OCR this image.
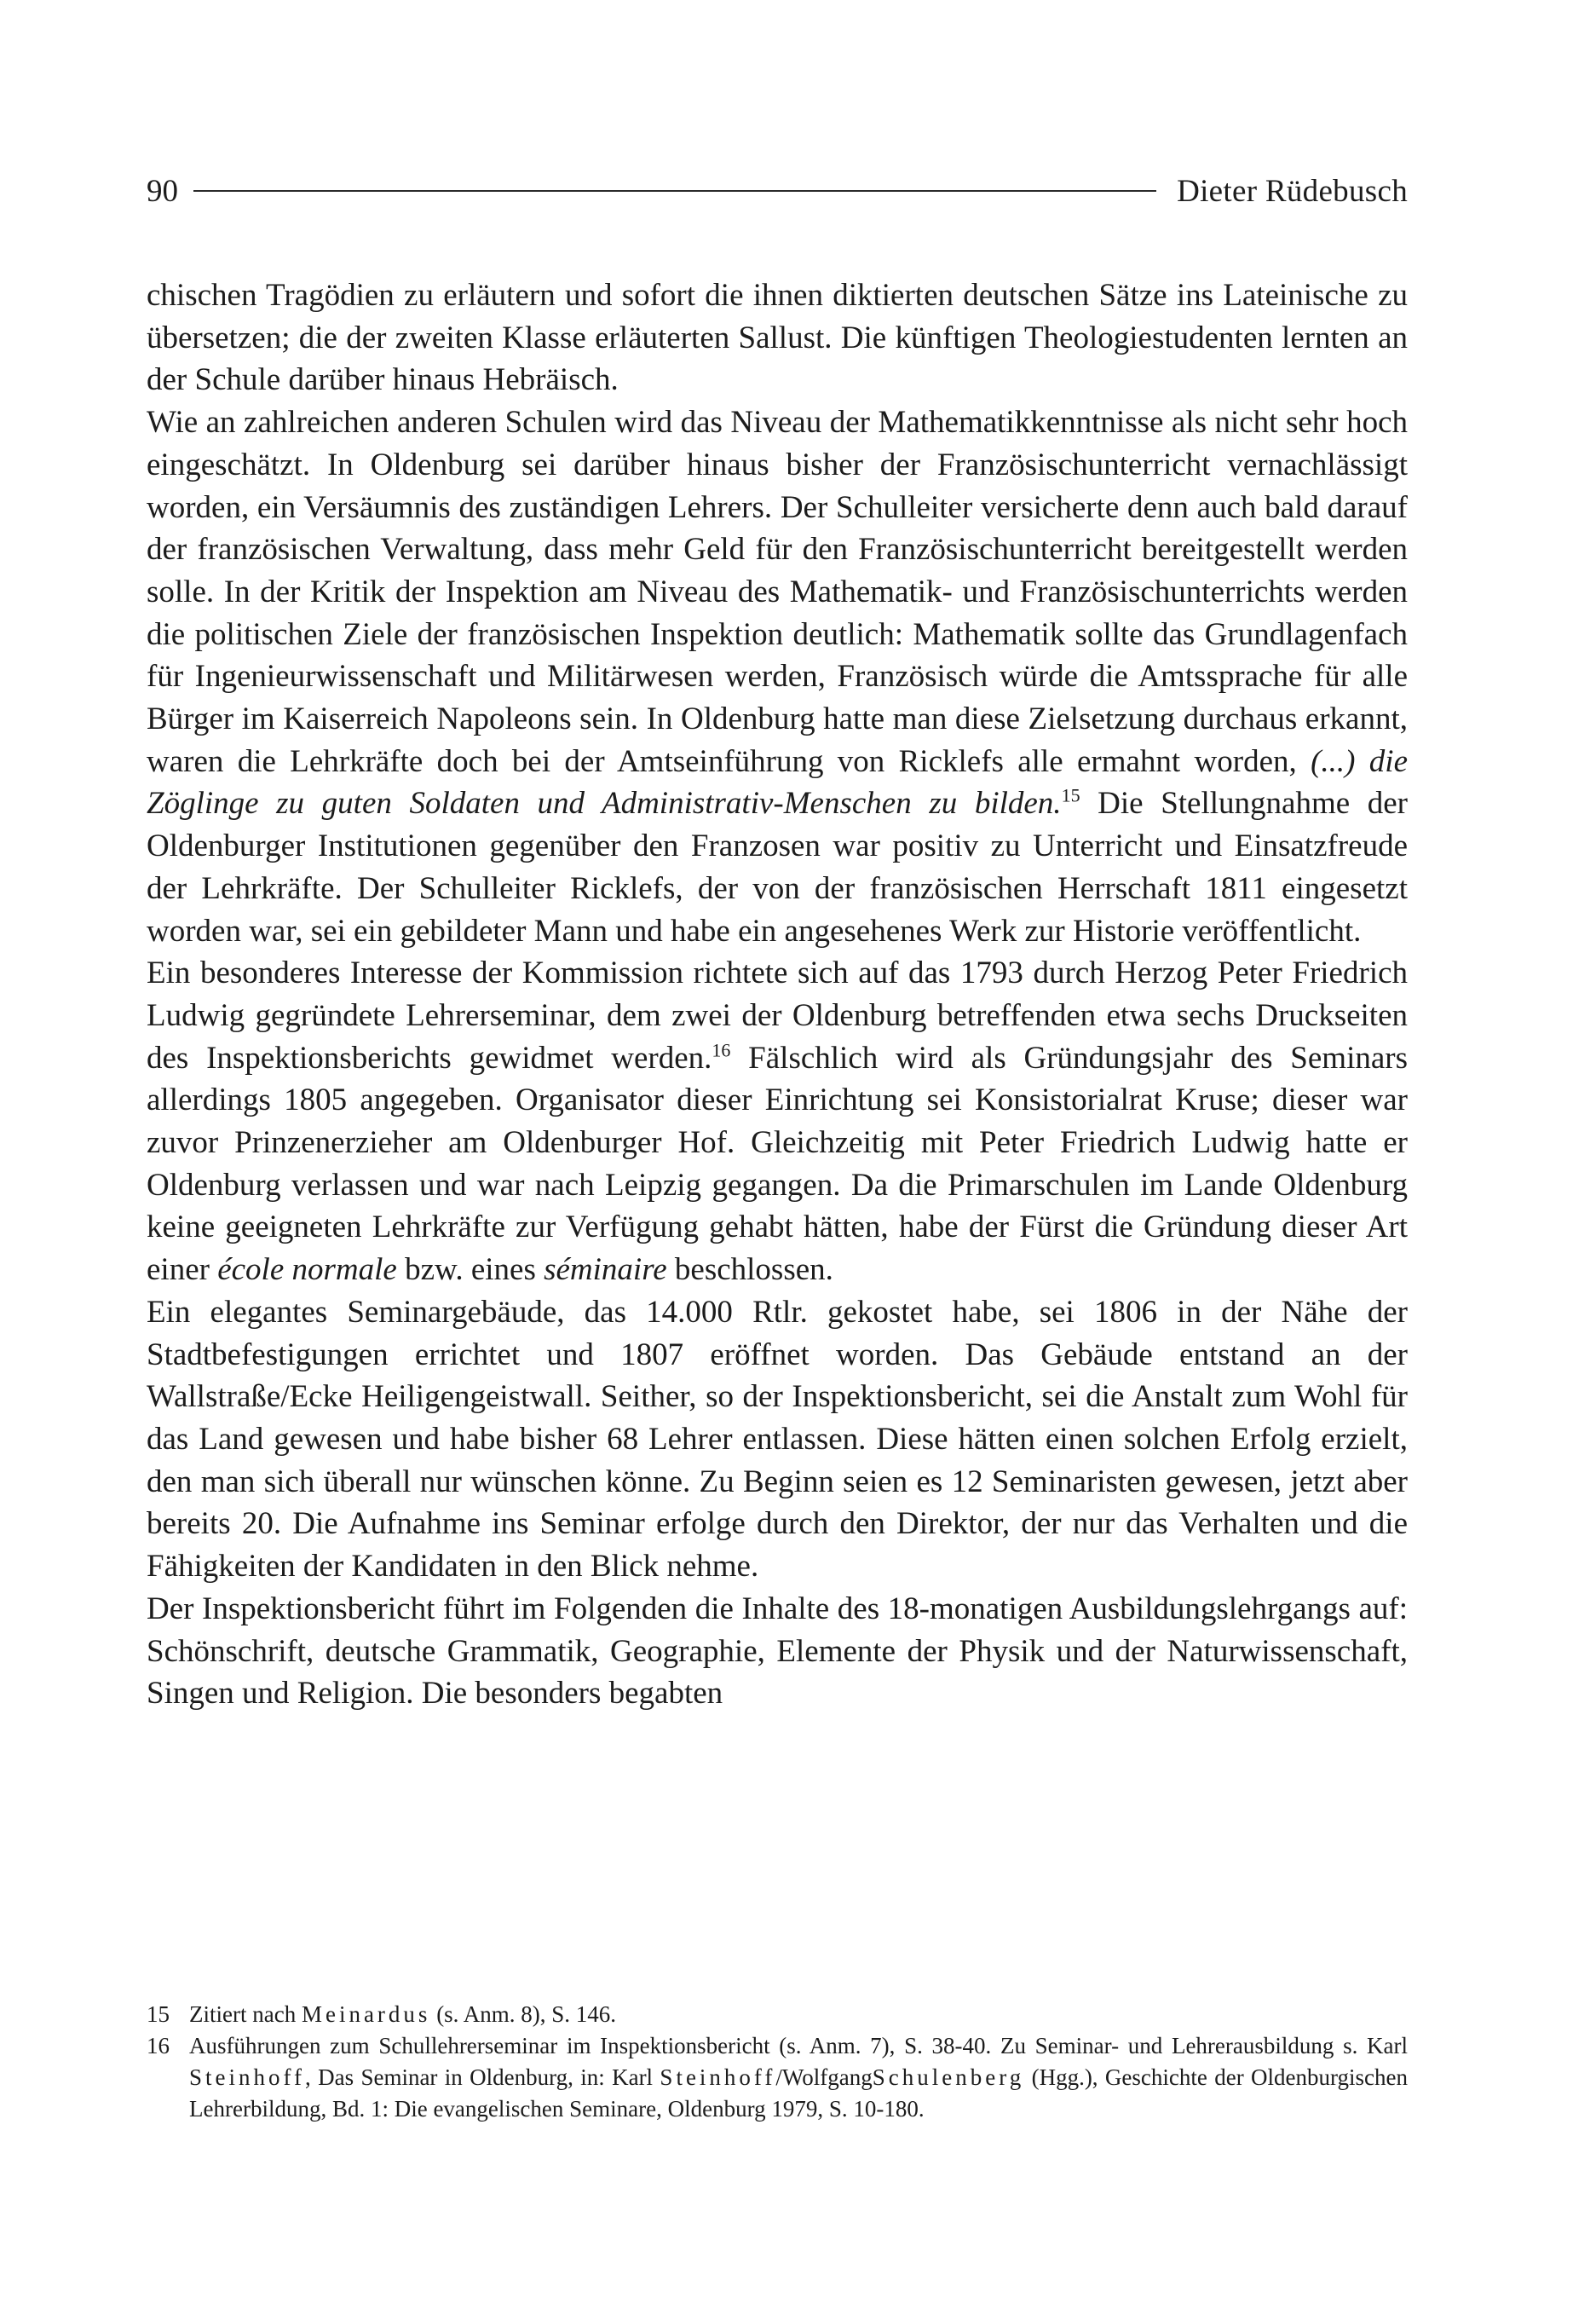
90	Dieter Rüdebusch

chischen Tragödien zu erläutern und sofort die ihnen diktierten deutschen Sätze ins Lateinische zu übersetzen; die der zweiten Klasse erläuterten Sallust. Die künftigen Theologiestudenten lernten an der Schule darüber hinaus Hebräisch.

Wie an zahlreichen anderen Schulen wird das Niveau der Mathematikkenntnisse als nicht sehr hoch eingeschätzt. In Oldenburg sei darüber hinaus bisher der Französischunterricht vernachlässigt worden, ein Versäumnis des zuständigen Lehrers. Der Schulleiter versicherte denn auch bald darauf der französischen Verwaltung, dass mehr Geld für den Französischunterricht bereitgestellt werden solle. In der Kritik der Inspektion am Niveau des Mathematik- und Französischunterrichts werden die politischen Ziele der französischen Inspektion deutlich: Mathematik sollte das Grundlagenfach für Ingenieurwissenschaft und Militärwesen werden, Französisch würde die Amtssprache für alle Bürger im Kaiserreich Napoleons sein. In Oldenburg hatte man diese Zielsetzung durchaus erkannt, waren die Lehrkräfte doch bei der Amtseinführung von Ricklefs alle ermahnt worden, (...) die Zöglinge zu guten Soldaten und Administrativ-Menschen zu bilden.$^{15}$ Die Stellungnahme der Oldenburger Institutionen gegenüber den Franzosen war positiv zu Unterricht und Einsatzfreude der Lehrkräfte. Der Schulleiter Ricklefs, der von der französischen Herrschaft 1811 eingesetzt worden war, sei ein gebildeter Mann und habe ein angesehenes Werk zur Historie veröffentlicht.

Ein besonderes Interesse der Kommission richtete sich auf das 1793 durch Herzog Peter Friedrich Ludwig gegründete Lehrerseminar, dem zwei der Oldenburg betreffenden etwa sechs Druckseiten des Inspektionsberichts gewidmet werden.$^{16}$ Fälschlich wird als Gründungsjahr des Seminars allerdings 1805 angegeben. Organisator dieser Einrichtung sei Konsistorialrat Kruse; dieser war zuvor Prinzenerzieher am Oldenburger Hof. Gleichzeitig mit Peter Friedrich Ludwig hatte er Oldenburg verlassen und war nach Leipzig gegangen. Da die Primarschulen im Lande Oldenburg keine geeigneten Lehrkräfte zur Verfügung gehabt hätten, habe der Fürst die Gründung dieser Art einer école normale bzw. eines séminaire beschlossen.

Ein elegantes Seminargebäude, das 14.000 Rtlr. gekostet habe, sei 1806 in der Nähe der Stadtbefestigungen errichtet und 1807 eröffnet worden. Das Gebäude entstand an der Wallstraße/Ecke Heiligengeistwall. Seither, so der Inspektionsbericht, sei die Anstalt zum Wohl für das Land gewesen und habe bisher 68 Lehrer entlassen. Diese hätten einen solchen Erfolg erzielt, den man sich überall nur wünschen könne. Zu Beginn seien es 12 Seminaristen gewesen, jetzt aber bereits 20. Die Aufnahme ins Seminar erfolge durch den Direktor, der nur das Verhalten und die Fähigkeiten der Kandidaten in den Blick nehme.

Der Inspektionsbericht führt im Folgenden die Inhalte des 18-monatigen Ausbildungslehrgangs auf: Schönschrift, deutsche Grammatik, Geographie, Elemente der Physik und der Naturwissenschaft, Singen und Religion. Die besonders begabten

15 Zitiert nach Meinardus (s. Anm. 8), S. 146.

16 Ausführungen zum Schullehrerseminar im Inspektionsbericht (s. Anm. 7), S. 38-40. Zu Seminar- und Lehrerausbildung s. Karl Steinhoff, Das Seminar in Oldenburg, in: Karl Steinhoff/WolfgangSchulenberg (Hgg.), Geschichte der Oldenburgischen Lehrerbildung, Bd. 1: Die evangelischen Seminare, Oldenburg 1979, S. 10-180.
